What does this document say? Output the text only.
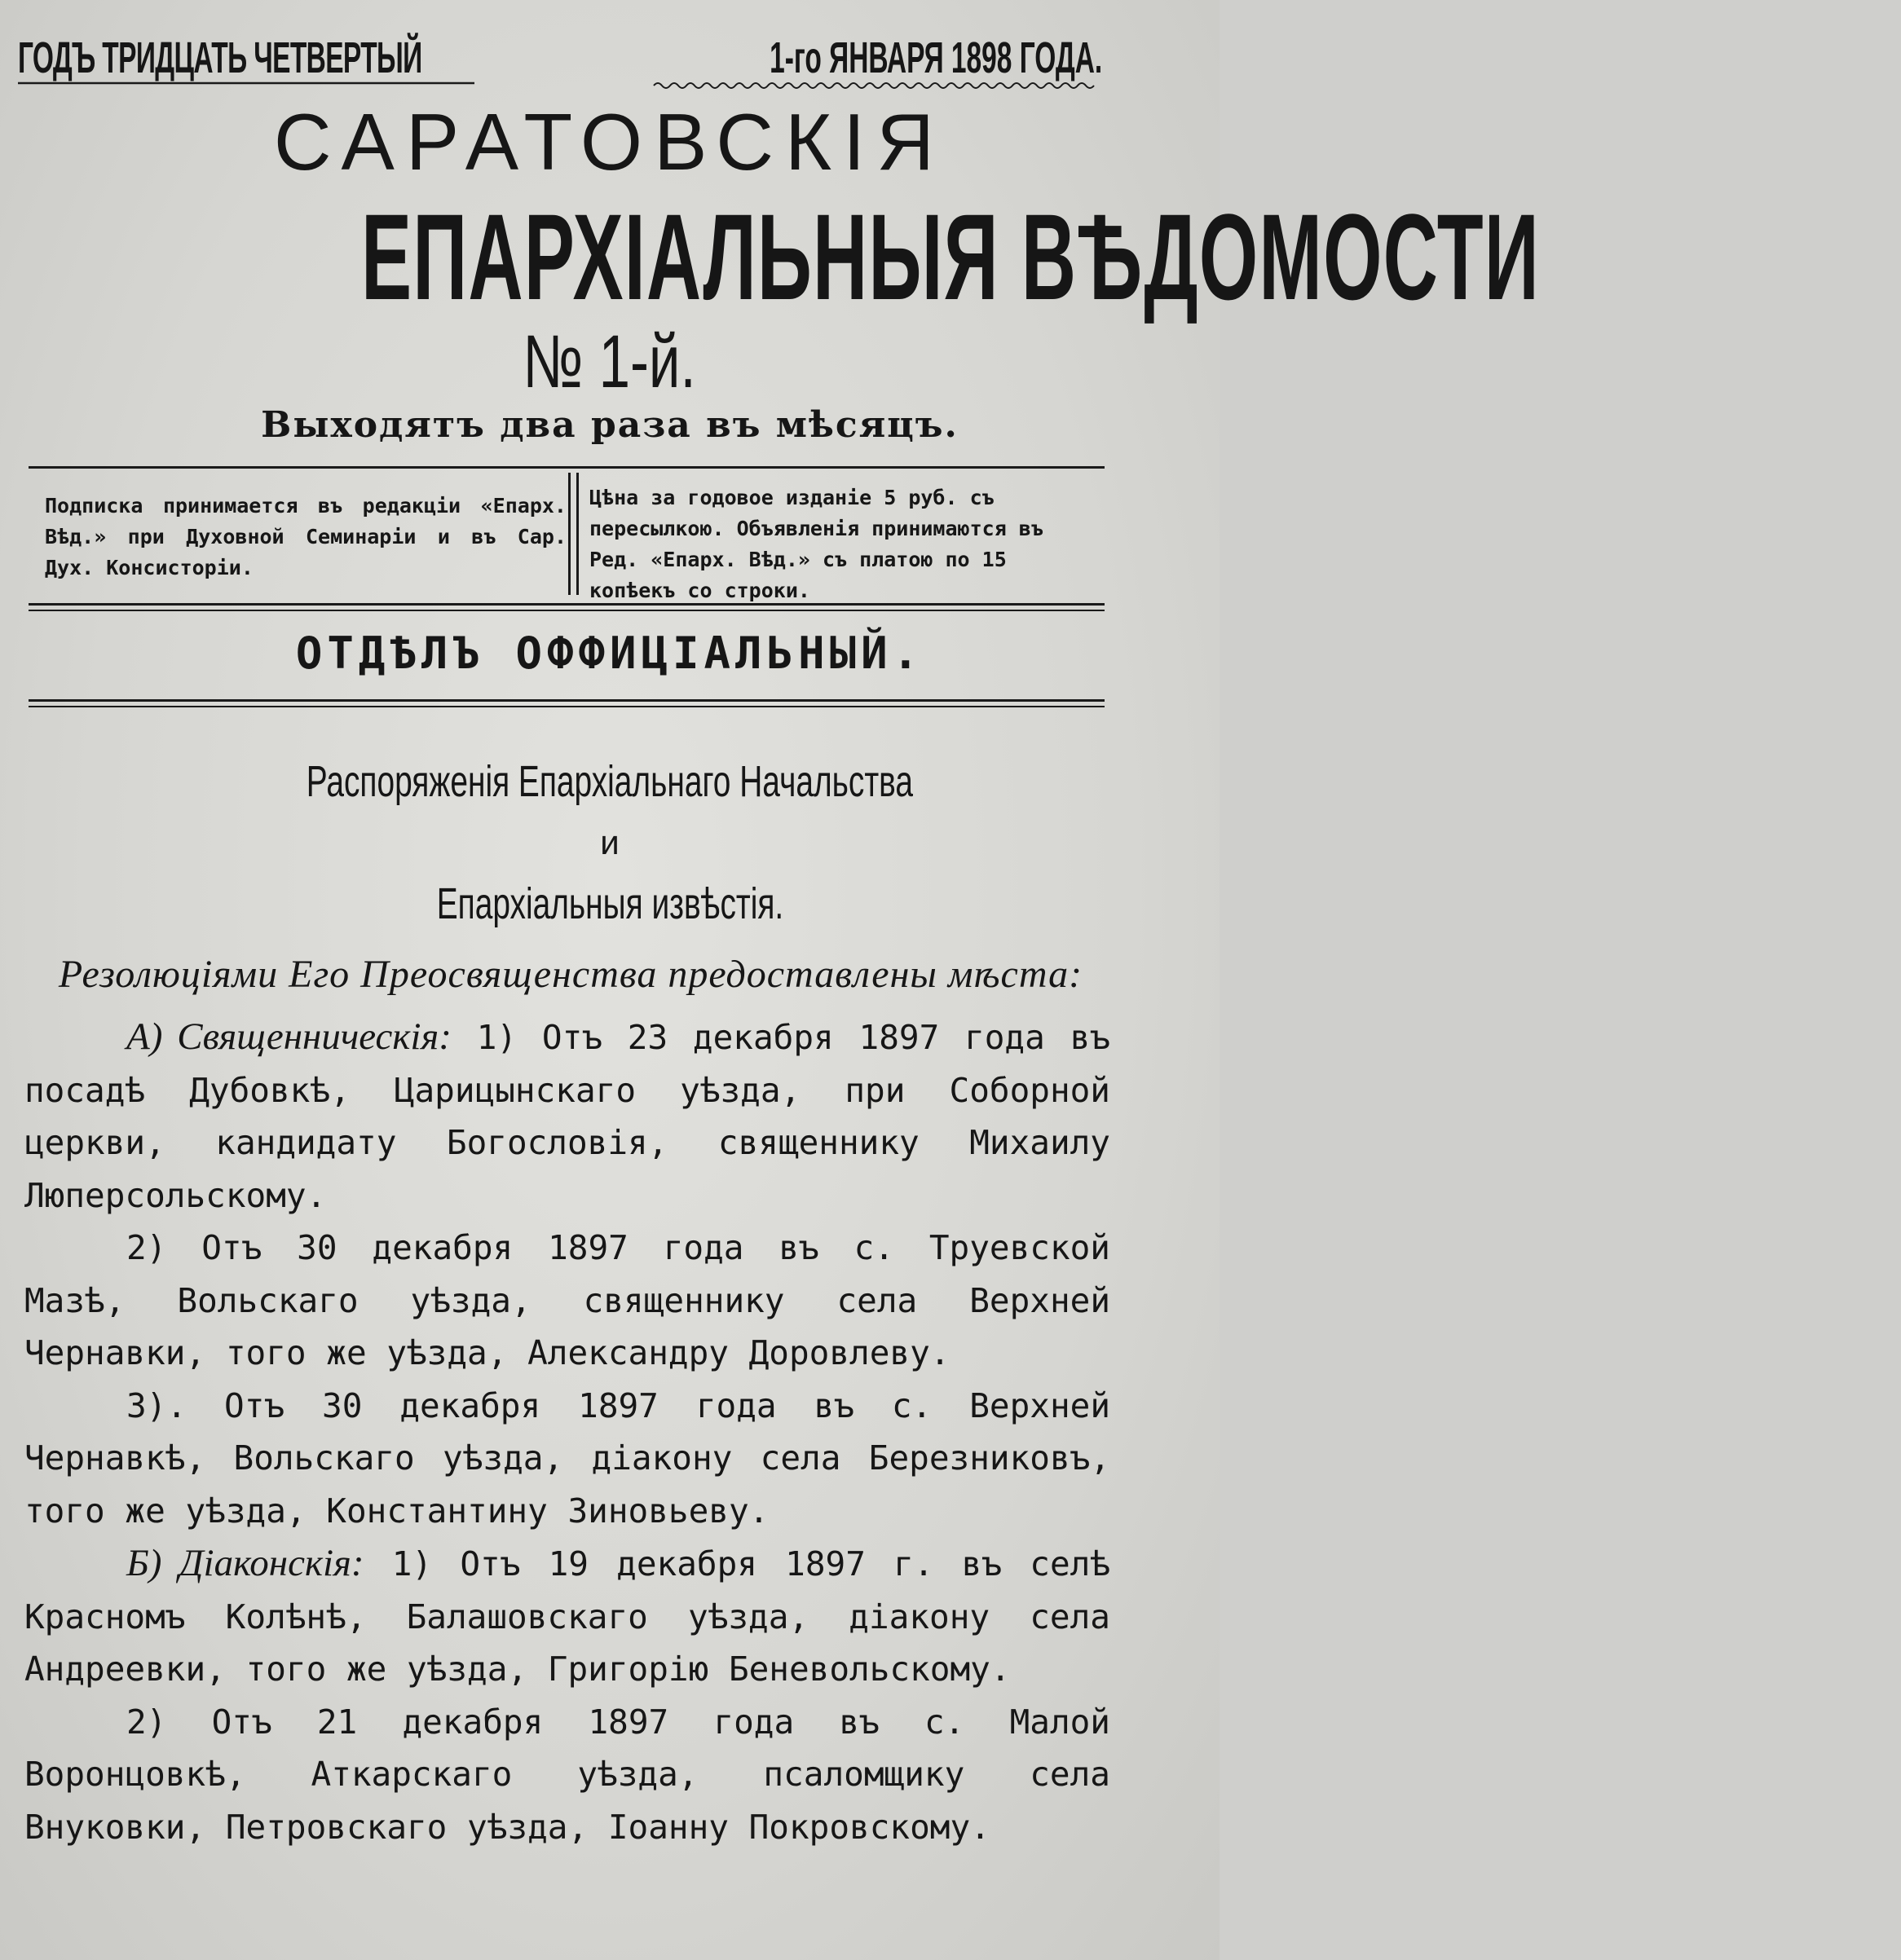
ГОДЪ ТРИДЦАТЬ ЧЕТВЕРТЫЙ	1-го ЯНВАРЯ 1898 ГОДА.
САРАТОВСКІЯ
ЕПАРХІАЛЬНЫЯ ВѢДОМОСТИ
№ 1-й.
Выходятъ два раза въ мѣсяцъ.
Подписка принимается въ редакціи «Епарх. Вѣд.» при Духовной Семинаріи и въ Сар. Дух. Консисторіи.
Цѣна за годовое изданіе 5 руб. съ пересылкою. Объявленія принимаются въ Ред. «Епарх. Вѣд.» съ платою по 15 копѣекъ со строки.
ОТДѢЛЪ ОФФИЦІАЛЬНЫЙ.
Распоряженія Епархіальнаго Начальства
и
Епархіальныя извѣстія.
Резолюціями Его Преосвященства предоставлены мѣста:

А) Священническія: 1) Отъ 23 декабря 1897 года въ посадѣ Дубовкѣ, Царицынскаго уѣзда, при Соборной церкви, кандидату Богословія, священнику Михаилу Люперсольскому.

2) Отъ 30 декабря 1897 года въ с. Труевской Мазѣ, Вольскаго уѣзда, священнику села Верхней Чернавки, того же уѣзда, Александру Доровлеву.

3). Отъ 30 декабря 1897 года въ с. Верхней Чернавкѣ, Вольскаго уѣзда, діакону села Березниковъ, того же уѣзда, Константину Зиновьеву.

Б) Діаконскія: 1) Отъ 19 декабря 1897 г. въ селѣ Красномъ Колѣнѣ, Балашовскаго уѣзда, діакону села Андреевки, того же уѣзда, Григорію Беневольскому.

2) Отъ 21 декабря 1897 года въ с. Малой Воронцовкѣ, Аткарскаго уѣзда, псаломщику села Внуковки, Петровскаго уѣзда, Іоанну Покровскому.
